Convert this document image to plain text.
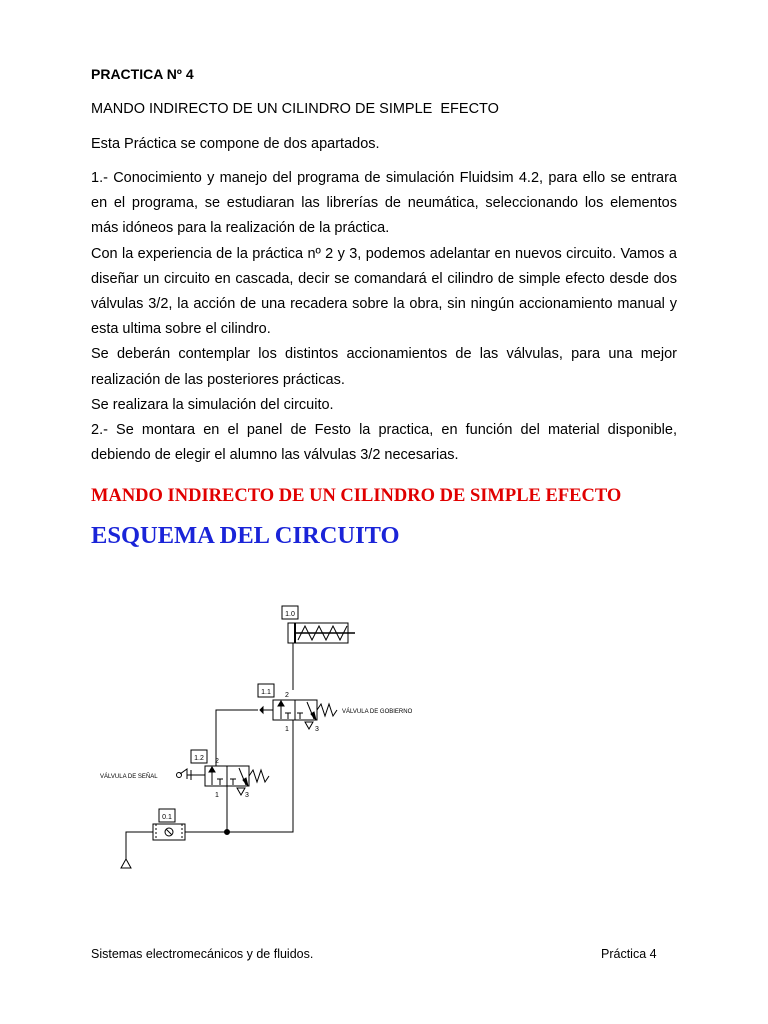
PRACTICA Nº 4
MANDO INDIRECTO DE UN CILINDRO DE SIMPLE  EFECTO
Esta Práctica se compone de dos apartados.

1.- Conocimiento y manejo del programa de simulación Fluidsim 4.2, para ello se entrara en el programa, se estudiaran las librerías de neumática, seleccionando los elementos más idóneos para la realización de la práctica.

Con la experiencia de la práctica nº 2 y 3, podemos adelantar en nuevos circuito. Vamos a diseñar un circuito en cascada, decir se comandará el cilindro de simple efecto desde dos válvulas 3/2, la acción de una recadera sobre la obra, sin ningún accionamiento manual y esta ultima sobre el cilindro.

Se deberán contemplar los distintos accionamientos de las válvulas, para una mejor realización de las posteriores prácticas.

Se realizara la simulación del circuito.

2.- Se montara en el panel de Festo la practica, en función del material disponible, debiendo de elegir el alumno las válvulas 3/2 necesarias.

MANDO INDIRECTO DE UN CILINDRO DE SIMPLE EFECTO
ESQUEMA DEL CIRCUITO
1.0
1.1 2
VÁLVULA DE GOBIERNO
1	3
1.2 2
VÁLVULA DE SEÑAL
1	3
0.1
Sistemas electromecánicos y de fluidos.	Práctica 4
